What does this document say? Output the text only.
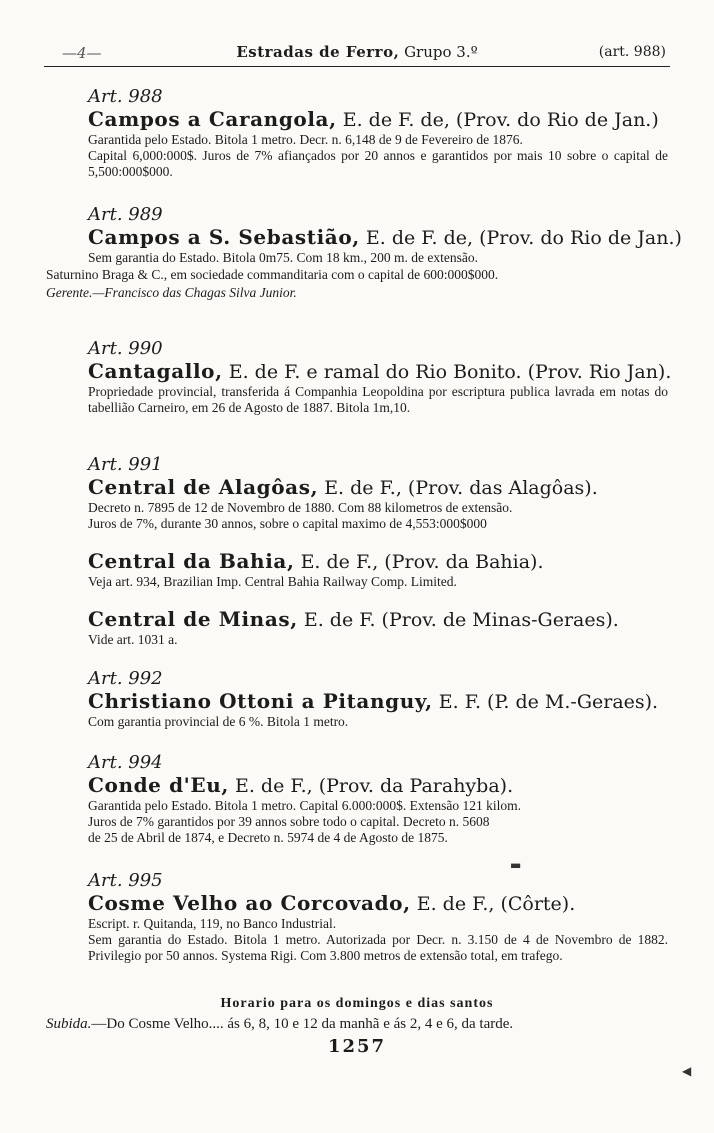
—4—	Estradas de Ferro, Grupo 3.º	(art. 988)
Art. 988
Campos a Carangola, E. de F. de, (Prov. do Rio de Jan.)
Garantida pelo Estado. Bitola 1 metro. Decr. n. 6,148 de 9 de Fevereiro de 1876.
Capital 6,000:000$. Juros de 7% afiançados por 20 annos e garantidos por mais 10 sobre o capital de 5,500:000$000.
Art. 989
Campos a S. Sebastião, E. de F. de, (Prov. do Rio de Jan.)
Sem garantia do Estado. Bitola 0m75. Com 18 km., 200 m. de extensão.
Saturnino Braga & C., em sociedade commanditaria com o capital de 600:000$000.
Gerente.—Francisco das Chagas Silva Junior.
Art. 990
Cantagallo, E. de F. e ramal do Rio Bonito. (Prov. Rio Jan).
Propriedade provincial, transferida á Companhia Leopoldina por escriptura publica lavrada em notas do tabellião Carneiro, em 26 de Agosto de 1887. Bitola 1m,10.
Art. 991
Central de Alagôas, E. de F., (Prov. das Alagôas).
Decreto n. 7895 de 12 de Novembro de 1880. Com 88 kilometros de extensão.
Juros de 7%, durante 30 annos, sobre o capital maximo de 4,553:000$000
Central da Bahia, E. de F., (Prov. da Bahia).
Veja art. 934, Brazilian Imp. Central Bahia Railway Comp. Limited.
Central de Minas, E. de F. (Prov. de Minas-Geraes).
Vide art. 1031 a.
Art. 992
Christiano Ottoni a Pitanguy, E. F. (P. de M.-Geraes).
Com garantia provincial de 6 %. Bitola 1 metro.
Art. 994
Conde d'Eu, E. de F., (Prov. da Parahyba).
Garantida pelo Estado. Bitola 1 metro. Capital 6.000:000$. Extensão 121 kilom.
Juros de 7% garantidos por 39 annos sobre todo o capital. Decreto n. 5608
de 25 de Abril de 1874, e Decreto n. 5974 de 4 de Agosto de 1875.
Art. 995
Cosme Velho ao Corcovado, E. de F., (Côrte).
Escript. r. Quitanda, 119, no Banco Industrial.
Sem garantia do Estado. Bitola 1 metro. Autorizada por Decr. n. 3.150 de 4 de Novembro de 1882. Privilegio por 50 annos. Systema Rigi. Com 3.800 metros de extensão total, em trafego.
Horario para os domingos e dias santos
Subida.—Do Cosme Velho.... ás 6, 8, 10 e 12 da manhã e ás 2, 4 e 6, da tarde.
1257
▬
◀
